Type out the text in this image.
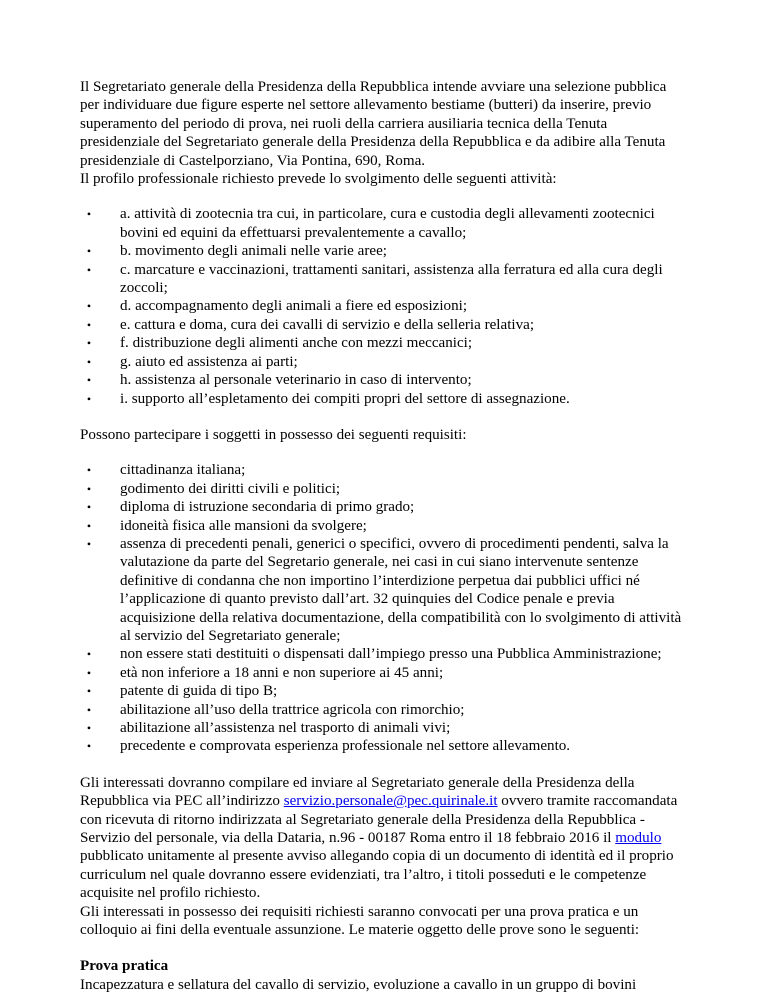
Il Segretariato generale della Presidenza della Repubblica intende avviare una selezione pubblica per individuare due figure esperte nel settore allevamento bestiame (butteri) da inserire, previo superamento del periodo di prova, nei ruoli della carriera ausiliaria tecnica della Tenuta presidenziale del Segretariato generale della Presidenza della Repubblica e da adibire alla Tenuta presidenziale di Castelporziano, Via Pontina, 690, Roma.

Il profilo professionale richiesto prevede lo svolgimento delle seguenti attività:

•	a. attività di zootecnia tra cui, in particolare, cura e custodia degli allevamenti zootecnici bovini ed equini da effettuarsi prevalentemente a cavallo;
•	b. movimento degli animali nelle varie aree;
•	c. marcature e vaccinazioni, trattamenti sanitari, assistenza alla ferratura ed alla cura degli zoccoli;
•	d. accompagnamento degli animali a fiere ed esposizioni;
•	e. cattura e doma, cura dei cavalli di servizio e della selleria relativa;
•	f. distribuzione degli alimenti anche con mezzi meccanici;
•	g. aiuto ed assistenza ai parti;
•	h. assistenza al personale veterinario in caso di intervento;
•	i. supporto all’espletamento dei compiti propri del settore di assegnazione.

Possono partecipare i soggetti in possesso dei seguenti requisiti:

•	cittadinanza italiana;
•	godimento dei diritti civili e politici;
•	diploma di istruzione secondaria di primo grado;
•	idoneità fisica alle mansioni da svolgere;
•	assenza di precedenti penali, generici o specifici, ovvero di procedimenti pendenti, salva la valutazione da parte del Segretario generale, nei casi in cui siano intervenute sentenze definitive di condanna che non importino l’interdizione perpetua dai pubblici uffici né l’applicazione di quanto previsto dall’art. 32 quinquies del Codice penale e previa acquisizione della relativa documentazione, della compatibilità con lo svolgimento di attività al servizio del Segretariato generale;
•	non essere stati destituiti o dispensati dall’impiego presso una Pubblica Amministrazione;
•	età non inferiore a 18 anni e non superiore ai 45 anni;
•	patente di guida di tipo B;
•	abilitazione all’uso della trattrice agricola con rimorchio;
•	abilitazione all’assistenza nel trasporto di animali vivi;
•	precedente e comprovata esperienza professionale nel settore allevamento.

Gli interessati dovranno compilare ed inviare al Segretariato generale della Presidenza della Repubblica via PEC all’indirizzo servizio.personale@pec.quirinale.it ovvero tramite raccomandata con ricevuta di ritorno indirizzata al Segretariato generale della Presidenza della Repubblica - Servizio del personale, via della Dataria, n.96 - 00187 Roma entro il 18 febbraio 2016 il modulo pubblicato unitamente al presente avviso allegando copia di un documento di identità ed il proprio curriculum nel quale dovranno essere evidenziati, tra l’altro, i titoli posseduti e le competenze acquisite nel profilo richiesto.

Gli interessati in possesso dei requisiti richiesti saranno convocati per una prova pratica e un colloquio ai fini della eventuale assunzione. Le materie oggetto delle prove sono le seguenti:

Prova pratica

Incapezzatura e sellatura del cavallo di servizio, evoluzione a cavallo in un gruppo di bovini
